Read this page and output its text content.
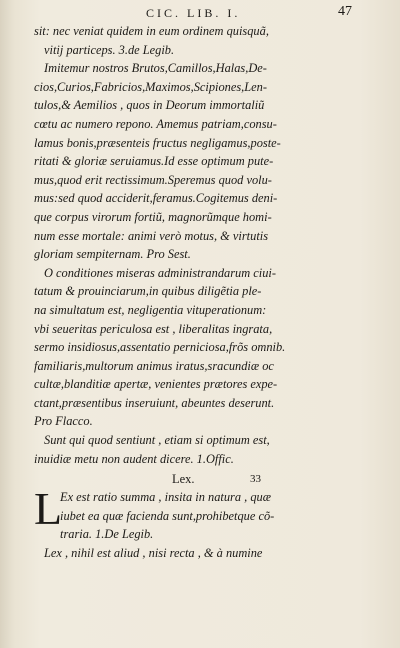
CIC. LIB. I.	47
sit: nec veniat quidem in eum ordinem quisquã,
vitij particeps. 3.de Legib.
Imitemur nostros Brutos,Camillos,Halas,De-
cios,Curios,Fabricios,Maximos,Scipiones,Len-
tulos,& Aemilios , quos in Deorum immortaliũ
cœtu ac numero repono. Amemus patriam,consu-
lamus bonis,præsenteis fructus negligamus,poste-
ritati & gloriæ seruiamus.Id esse optimum pute-
mus,quod erit rectissimum.Speremus quod volu-
mus:sed quod acciderit,feramus.Cogitemus deni-
que corpus virorum fortiũ, magnorũmque homi-
num esse mortale: animi verò motus, & virtutis
gloriam sempiternam. Pro Sest.
O conditiones miseras administrandarum ciui-
tatum & prouinciarum,in quibus diligẽtia ple-
na simultatum est, negligentia vituperationum:
vbi seueritas periculosa est , liberalitas ingrata,
sermo insidiosus,assentatio perniciosa,frõs omnib.
familiaris,multorum animus iratus,sracundiæ oc
cultæ,blanditiæ apertæ, venientes prætores expe-
ctant,præsentibus inseruiunt, abeuntes deserunt.
Pro Flacco.
Sunt qui quod sentiunt , etiam si optimum est,
inuidiæ metu non audent dicere. 1.Offic.
Lex.	33
L
Ex est ratio summa , insita in natura , quæ
iubet ea quæ facienda sunt,prohibetque cõ-
traria. 1.De Legib.
Lex , nihil est aliud , nisi recta , & à numine
